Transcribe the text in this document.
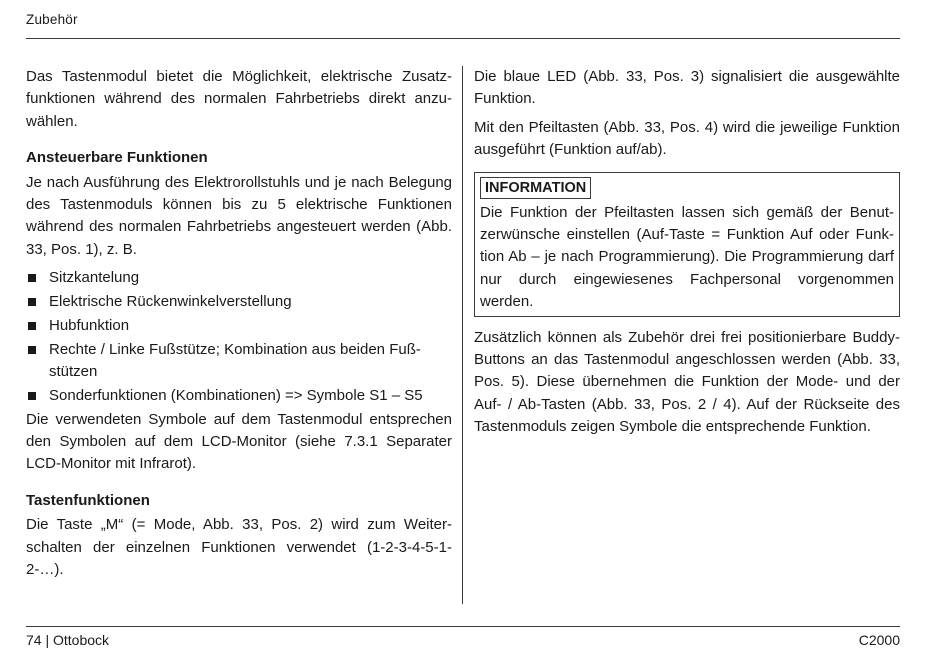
Zubehör

Das Tastenmodul bietet die Möglichkeit, elektrische Zusatzfunktionen während des normalen Fahrbetriebs direkt anzuwählen.

Ansteuerbare Funktionen

Je nach Ausführung des Elektrorollstuhls und je nach Belegung des Tastenmoduls können bis zu 5 elektrische Funktionen während des normalen Fahrbetriebs angesteuert werden (Abb. 33, Pos. 1), z. B.

Sitzkantelung
Elektrische Rückenwinkelverstellung
Hubfunktion
Rechte / Linke Fußstütze; Kombination aus beiden Fußstützen
Sonderfunktionen (Kombinationen) => Symbole S1 – S5

Die verwendeten Symbole auf dem Tastenmodul entsprechen den Symbolen auf dem LCD-Monitor (siehe 7.3.1 Separater LCD-Monitor mit Infrarot).

Tastenfunktionen

Die Taste „M“ (= Mode, Abb. 33, Pos. 2) wird zum Weiterschalten der einzelnen Funktionen verwendet (1-2-3-4-5-1-2-…).

Die blaue LED (Abb. 33, Pos. 3) signalisiert die ausgewählte Funktion.

Mit den Pfeiltasten (Abb. 33, Pos. 4) wird die jeweilige Funktion ausgeführt (Funktion auf/ab).

INFORMATION

Die Funktion der Pfeiltasten lassen sich gemäß der Benutzerwünsche einstellen (Auf-Taste = Funktion Auf oder Funktion Ab – je nach Programmierung). Die Programmierung darf nur durch eingewiesenes Fachpersonal vorgenommen werden.

Zusätzlich können als Zubehör drei frei positionierbare Buddy-Buttons an das Tastenmodul angeschlossen werden (Abb. 33, Pos. 5). Diese übernehmen die Funktion der Mode- und der Auf- / Ab-Tasten (Abb. 33, Pos. 2 / 4). Auf der Rückseite des Tastenmoduls zeigen Symbole die entsprechende Funktion.

74 | Ottobock	C2000
